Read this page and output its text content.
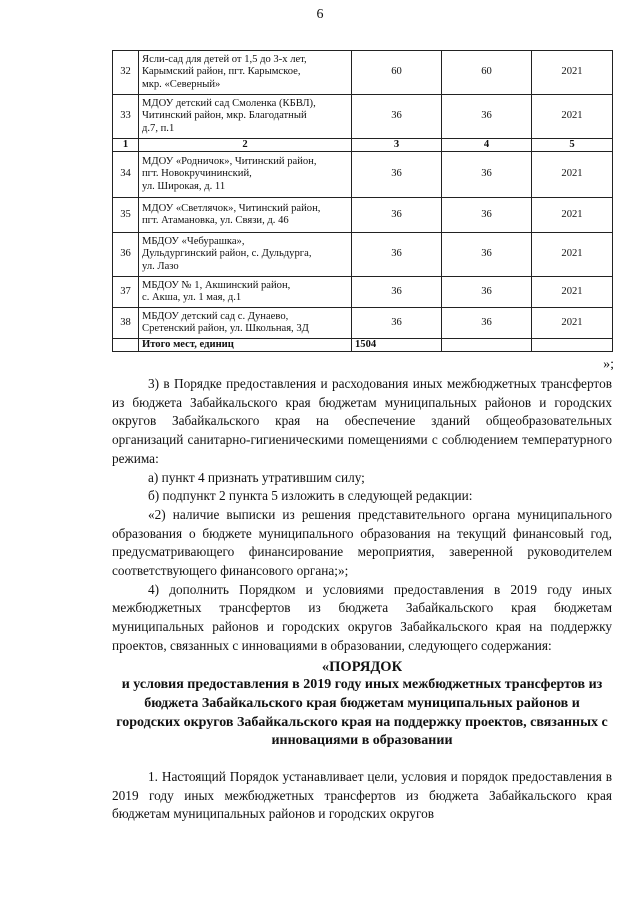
6
32	Ясли-сад для детей от 1,5 до 3-х лет,
Карымский район, пгт. Карымское,
мкр. «Северный»	60	60	2021
33	МДОУ детский сад Смоленка (КБВЛ),
Читинский район, мкр. Благодатный
д.7, п.1	36	36	2021
1	2	3	4	5
34	МДОУ «Родничок», Читинский район,
пгт. Новокручининский,
ул. Широкая, д. 11	36	36	2021
35	МДОУ «Светлячок», Читинский район,
пгт. Атамановка, ул. Связи, д. 46	36	36	2021
36	МБДОУ «Чебурашка»,
Дульдургинский район, с. Дульдурга,
ул. Лазо	36	36	2021
37	МБДОУ № 1, Акшинский район,
с. Акша, ул. 1 мая, д.1	36	36	2021
38	МБДОУ детский сад с. Дунаево,
Сретенский район, ул. Школьная, 3Д	36	36	2021
	Итого мест, единиц	1504		
»;

3) в Порядке предоставления и расходования иных межбюджетных трансфертов из бюджета Забайкальского края бюджетам муниципальных районов и городских округов Забайкальского края на обеспечение зданий общеобразовательных организаций санитарно-гигиеническими помещениями с соблюдением температурного режима:

а) пункт 4 признать утратившим силу;

б) подпункт 2 пункта 5 изложить в следующей редакции:

«2) наличие выписки из решения представительного органа муниципального образования о бюджете муниципального образования на текущий финансовый год, предусматривающего финансирование мероприятия, заверенной руководителем соответствующего финансового органа;»;

4) дополнить Порядком и условиями предоставления в 2019 году иных межбюджетных трансфертов из бюджета Забайкальского края бюджетам муниципальных районов и городских округов Забайкальского края на поддержку проектов, связанных с инновациями в образовании, следующего содержания:

«ПОРЯДОК
и условия предоставления в 2019 году иных межбюджетных трансфертов из бюджета Забайкальского края бюджетам муниципальных районов и городских округов Забайкальского края на поддержку проектов, связанных с инновациями в образовании

1. Настоящий Порядок устанавливает цели, условия и порядок предоставления в 2019 году иных межбюджетных трансфертов из бюджета Забайкальского края бюджетам муниципальных районов и городских округов
